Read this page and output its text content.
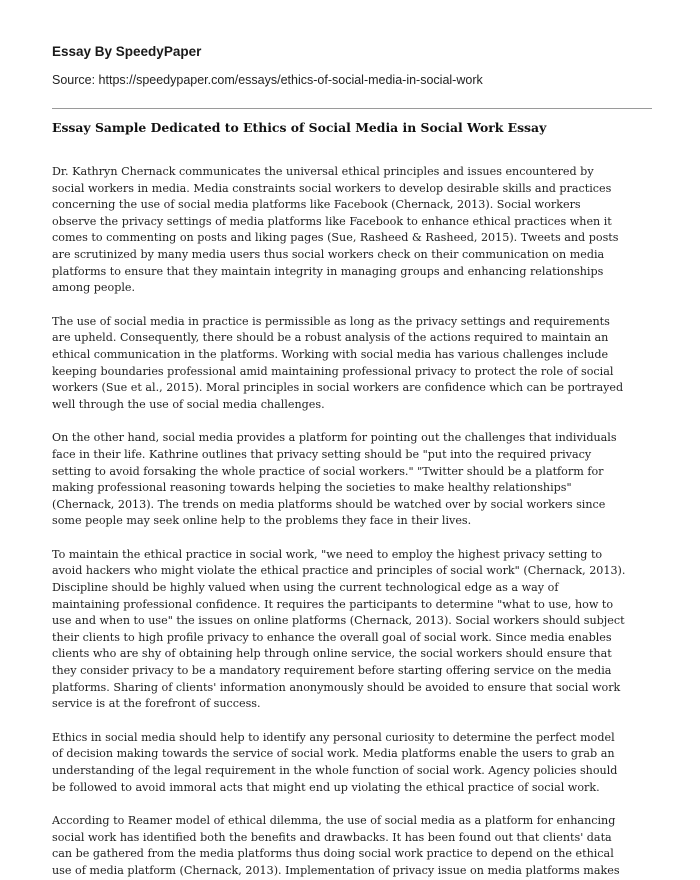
Essay By SpeedyPaper
Source: https://speedypaper.com/essays/ethics-of-social-media-in-social-work
Essay Sample Dedicated to Ethics of Social Media in Social Work Essay

Dr. Kathryn Chernack communicates the universal ethical principles and issues encountered by
social workers in media. Media constraints social workers to develop desirable skills and practices
concerning the use of social media platforms like Facebook (Chernack, 2013). Social workers
observe the privacy settings of media platforms like Facebook to enhance ethical practices when it
comes to commenting on posts and liking pages (Sue, Rasheed & Rasheed, 2015). Tweets and posts
are scrutinized by many media users thus social workers check on their communication on media
platforms to ensure that they maintain integrity in managing groups and enhancing relationships
among people.

The use of social media in practice is permissible as long as the privacy settings and requirements
are upheld. Consequently, there should be a robust analysis of the actions required to maintain an
ethical communication in the platforms. Working with social media has various challenges include
keeping boundaries professional amid maintaining professional privacy to protect the role of social
workers (Sue et al., 2015). Moral principles in social workers are confidence which can be portrayed
well through the use of social media challenges.

On the other hand, social media provides a platform for pointing out the challenges that individuals
face in their life. Kathrine outlines that privacy setting should be "put into the required privacy
setting to avoid forsaking the whole practice of social workers." "Twitter should be a platform for
making professional reasoning towards helping the societies to make healthy relationships"
(Chernack, 2013). The trends on media platforms should be watched over by social workers since
some people may seek online help to the problems they face in their lives.

To maintain the ethical practice in social work, "we need to employ the highest privacy setting to
avoid hackers who might violate the ethical practice and principles of social work" (Chernack, 2013).
Discipline should be highly valued when using the current technological edge as a way of
maintaining professional confidence. It requires the participants to determine "what to use, how to
use and when to use" the issues on online platforms (Chernack, 2013). Social workers should subject
their clients to high profile privacy to enhance the overall goal of social work. Since media enables
clients who are shy of obtaining help through online service, the social workers should ensure that
they consider privacy to be a mandatory requirement before starting offering service on the media
platforms. Sharing of clients' information anonymously should be avoided to ensure that social work
service is at the forefront of success.

Ethics in social media should help to identify any personal curiosity to determine the perfect model
of decision making towards the service of social work. Media platforms enable the users to grab an
understanding of the legal requirement in the whole function of social work. Agency policies should
be followed to avoid immoral acts that might end up violating the ethical practice of social work.

According to Reamer model of ethical dilemma, the use of social media as a platform for enhancing
social work has identified both the benefits and drawbacks. It has been found out that clients' data
can be gathered from the media platforms thus doing social work practice to depend on the ethical
use of media platform (Chernack, 2013). Implementation of privacy issue on media platforms makes
